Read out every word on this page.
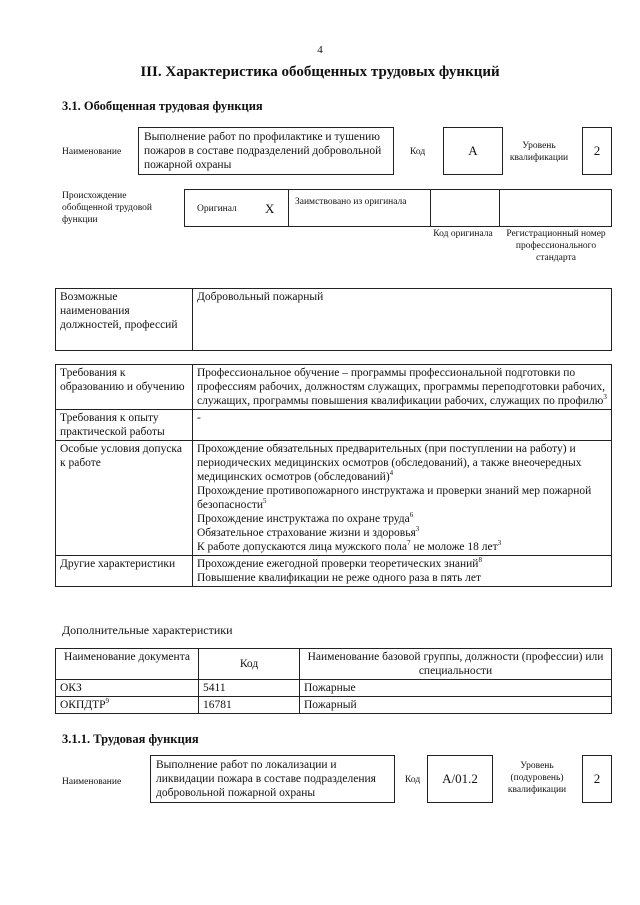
4
III. Характеристика обобщенных трудовых функций
3.1. Обобщенная трудовая функция
Наименование
Выполнение работ по профилактике и тушению пожаров в составе подразделений добровольной пожарной охраны
Код	A	Уровень квалификации	2
Происхождение обобщенной трудовой функции
Оригинал X Заимствовано из оригинала
Код оригинала	Регистрационный номер профессионального стандарта
Возможные наименования должностей, профессий	Добровольный пожарный
Требования к образованию и обучению	Профессиональное обучение – программы профессиональной подготовки по профессиям рабочих, должностям служащих, программы переподготовки рабочих, служащих, программы повышения квалификации рабочих, служащих по профилю$^3$
Требования к опыту практической работы	-
Особые условия допуска к работе	Прохождение обязательных предварительных (при поступлении на работу) и периодических медицинских осмотров (обследований), а также внеочередных медицинских осмотров (обследований)$^4$
Прохождение противопожарного инструктажа и проверки знаний мер пожарной безопасности$^5$
Прохождение инструктажа по охране труда$^6$
Обязательное страхование жизни и здоровья$^3$
К работе допускаются лица мужского пола$^7$ не моложе 18 лет$^3$

Другие характеристики	Прохождение ежегодной проверки теоретических знаний$^8$
Повышение квалификации не реже одного раза в пять лет
Дополнительные характеристики
Наименование документа	Код	Наименование базовой группы, должности (профессии) или специальности
ОКЗ	5411	Пожарные
ОКПДТР$^9$	16781	Пожарный
3.1.1. Трудовая функция
Наименование
Выполнение работ по локализации и ликвидации пожара в составе подразделения добровольной пожарной охраны
Код	A/01.2
Уровень (подуровень) квалификации
2
